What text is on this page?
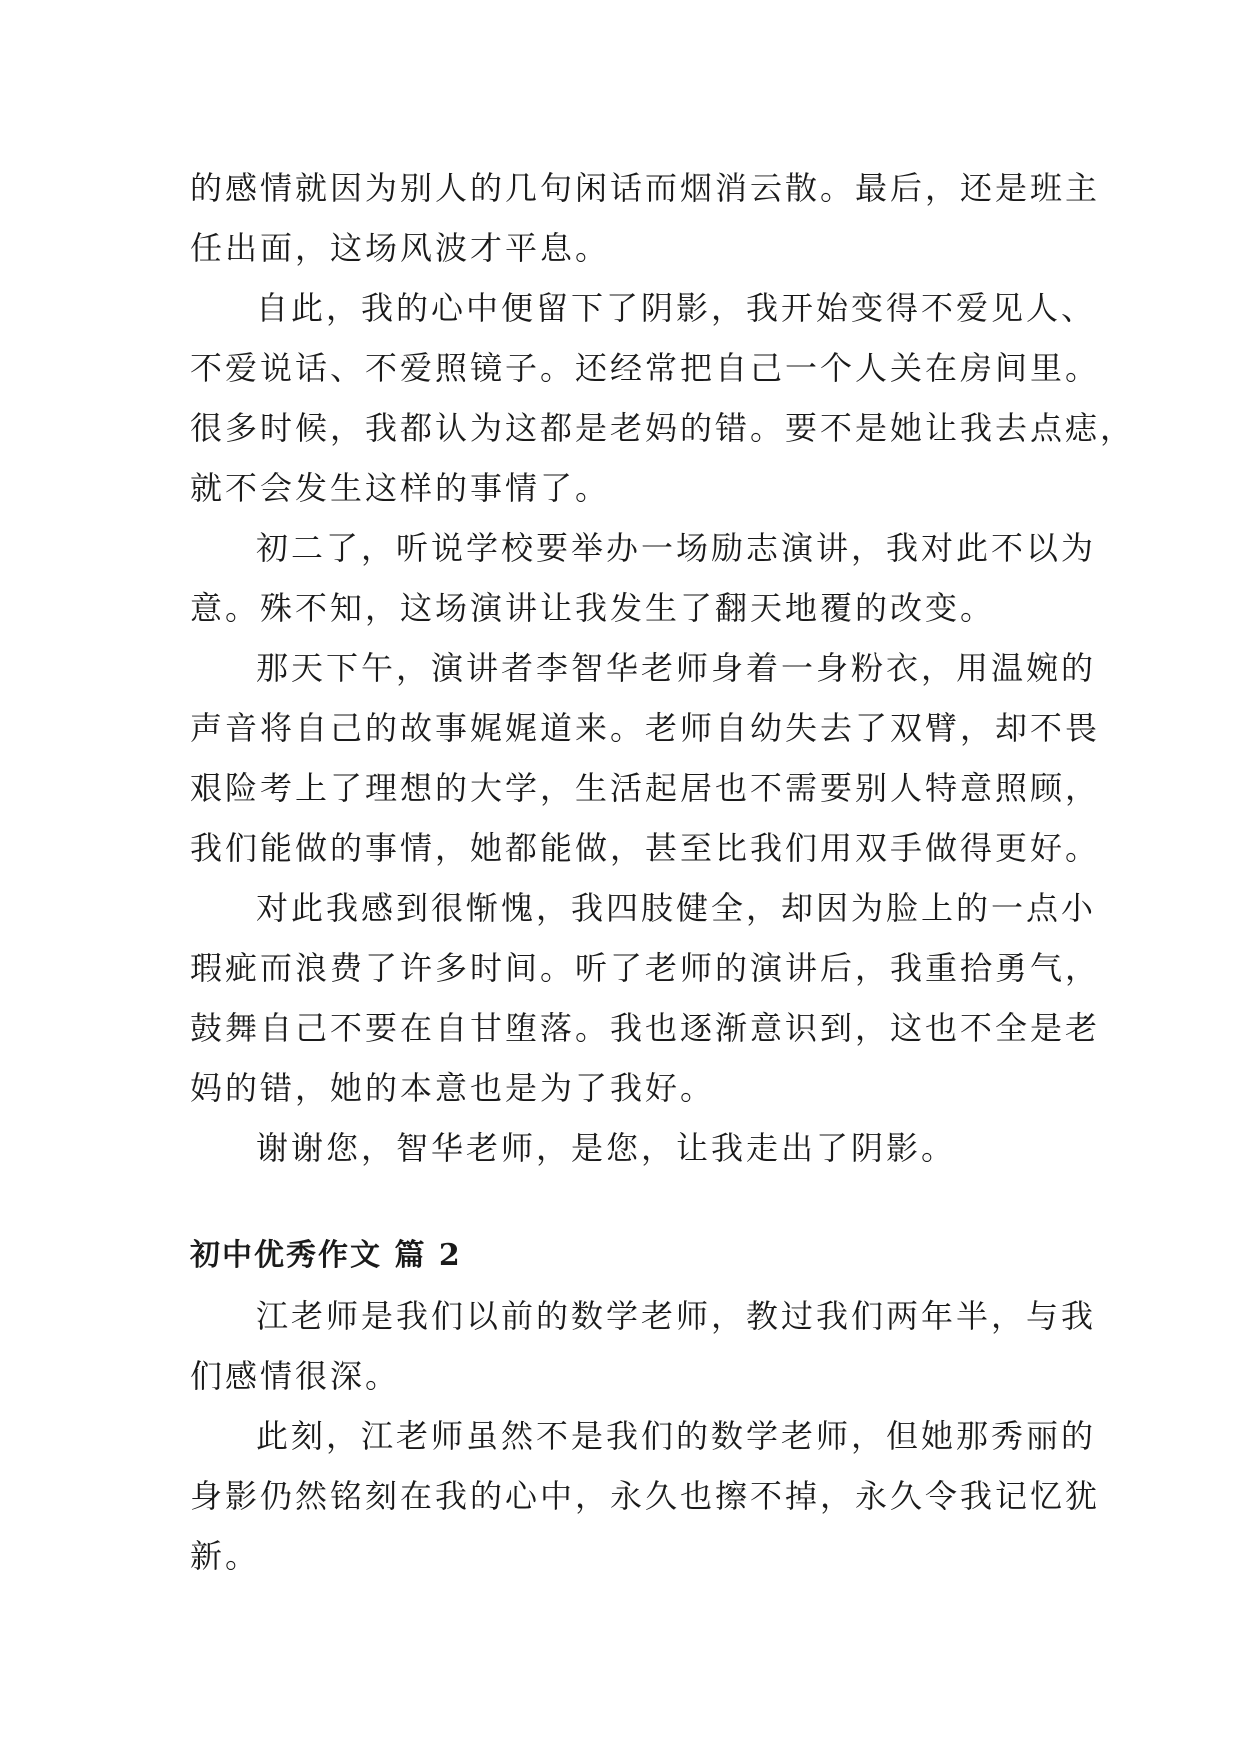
的感情就因为别人的几句闲话而烟消云散。最后，还是班主

任出面，这场风波才平息。

自此，我的心中便留下了阴影，我开始变得不爱见人、

不爱说话、不爱照镜子。还经常把自己一个人关在房间里。

很多时候，我都认为这都是老妈的错。要不是她让我去点痣，

就不会发生这样的事情了。

初二了，听说学校要举办一场励志演讲，我对此不以为

意。殊不知，这场演讲让我发生了翻天地覆的改变。

那天下午，演讲者李智华老师身着一身粉衣，用温婉的

声音将自己的故事娓娓道来。老师自幼失去了双臂，却不畏

艰险考上了理想的大学，生活起居也不需要别人特意照顾，

我们能做的事情，她都能做，甚至比我们用双手做得更好。

对此我感到很惭愧，我四肢健全，却因为脸上的一点小

瑕疵而浪费了许多时间。听了老师的演讲后，我重拾勇气，

鼓舞自己不要在自甘堕落。我也逐渐意识到，这也不全是老

妈的错，她的本意也是为了我好。

谢谢您，智华老师，是您，让我走出了阴影。

初中优秀作文 篇 2

江老师是我们以前的数学老师，教过我们两年半，与我

们感情很深。

此刻，江老师虽然不是我们的数学老师，但她那秀丽的

身影仍然铭刻在我的心中，永久也擦不掉，永久令我记忆犹

新。
